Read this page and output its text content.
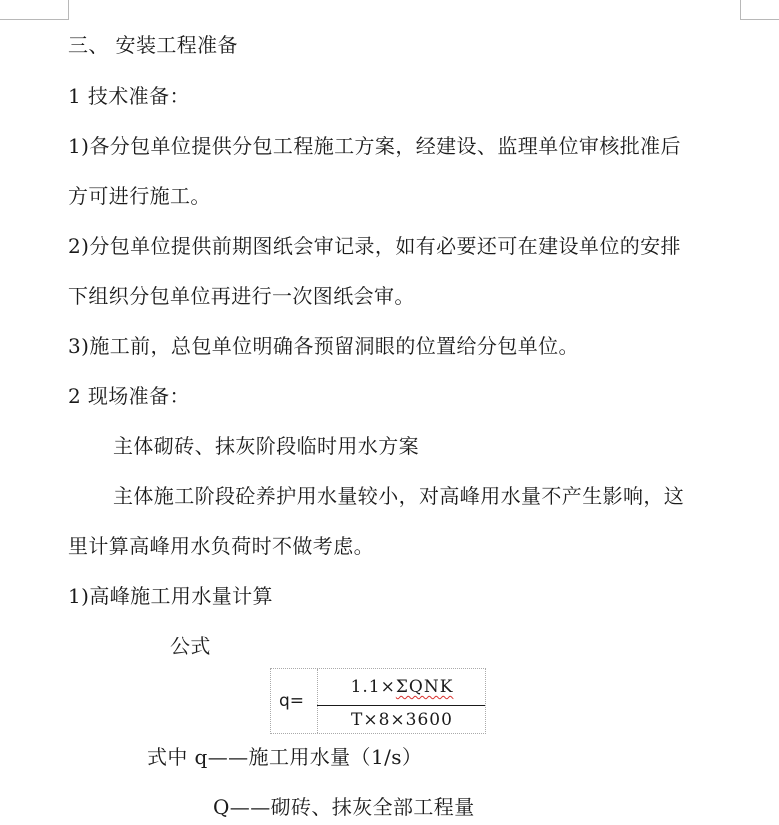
三、 安装工程准备
1 技术准备：
1)各分包单位提供分包工程施工方案，经建设、监理单位审核批准后
方可进行施工。
2)分包单位提供前期图纸会审记录，如有必要还可在建设单位的安排
下组织分包单位再进行一次图纸会审。
3)施工前，总包单位明确各预留洞眼的位置给分包单位。
2 现场准备：
主体砌砖、抹灰阶段临时用水方案
主体施工阶段砼养护用水量较小，对高峰用水量不产生影响，这
里计算高峰用水负荷时不做考虑。
1)高峰施工用水量计算
公式
q=
1.1×ΣQNK
T×8×3600
式中 q——施工用水量（1/s）
Q——砌砖、抹灰全部工程量
